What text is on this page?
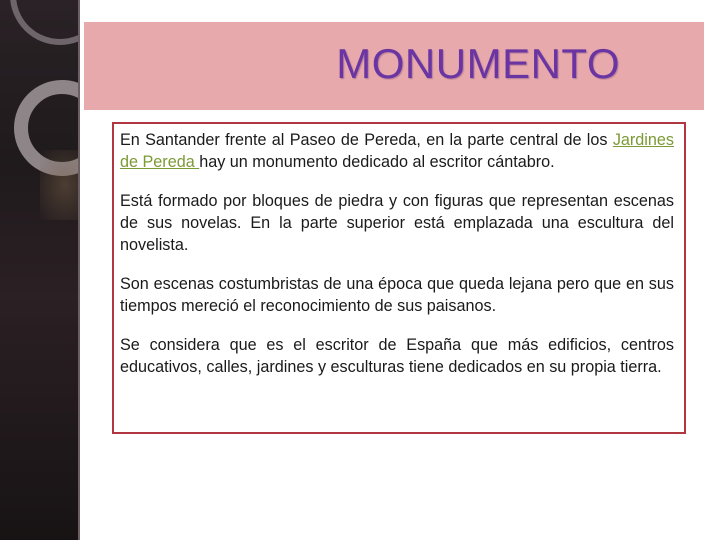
MONUMENTO

En Santander frente al Paseo de Pereda, en la parte central de los Jardines de Pereda hay un monumento dedicado al escritor cántabro.

Está formado por bloques de piedra y con figuras que representan escenas de sus novelas. En la parte superior está emplazada una escultura del novelista.

Son escenas costumbristas de una época que queda lejana pero que en sus tiempos mereció el reconocimiento de sus paisanos.

Se considera que es el escritor de España que más edificios, centros educativos, calles, jardines y esculturas tiene dedicados en su propia tierra.
